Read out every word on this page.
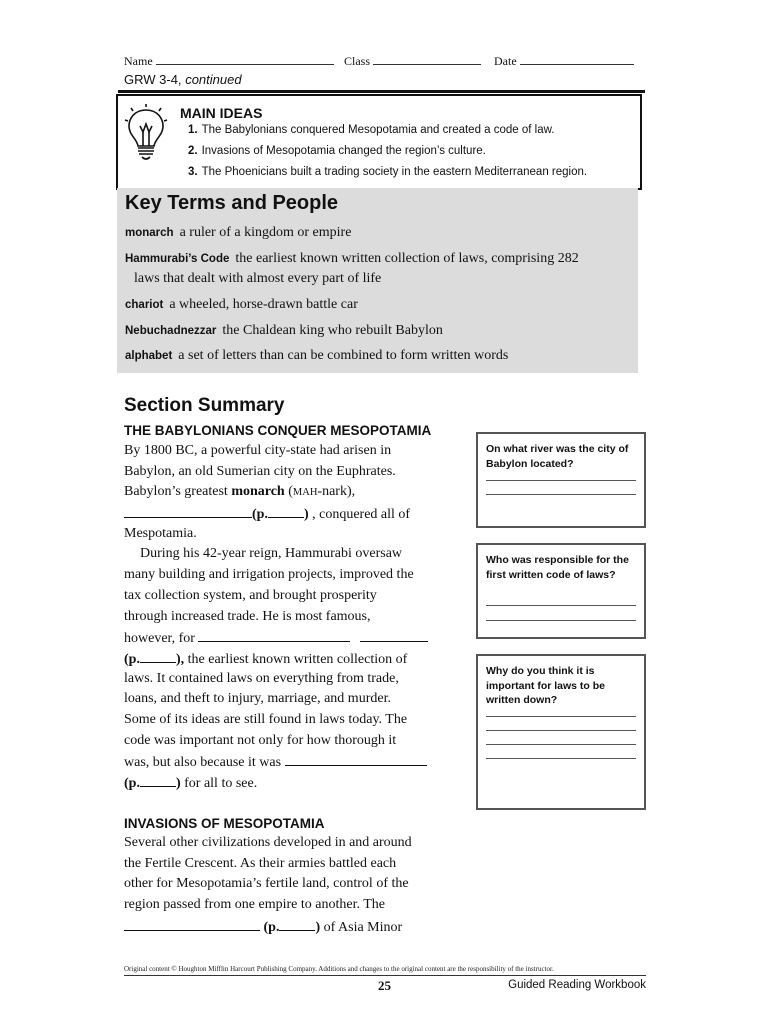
Name	Class	Date
GRW 3-4, continued
MAIN IDEAS
1. The Babylonians conquered Mesopotamia and created a code of law.
2. Invasions of Mesopotamia changed the region’s culture.
3. The Phoenicians built a trading society in the eastern Mediterranean region.
Key Terms and People
monarch a ruler of a kingdom or empire
Hammurabi’s Code the earliest known written collection of laws, comprising 282
laws that dealt with almost every part of life
chariot a wheeled, horse-drawn battle car
Nebuchadnezzar the Chaldean king who rebuilt Babylon
alphabet a set of letters than can be combined to form written words
Section Summary
THE BABYLONIANS CONQUER MESOPOTAMIA
By 1800 BC, a powerful city-state had arisen in
Babylon, an old Sumerian city on the Euphrates.
Babylon’s greatest monarch (MAH-nark),
(p.	) , conquered all of
Mespotamia.
During his 42-year reign, Hammurabi oversaw
many building and irrigation projects, improved the
tax collection system, and brought prosperity
through increased trade. He is most famous,
however, for
(p.	), the earliest known written collection of
laws. It contained laws on everything from trade,
loans, and theft to injury, marriage, and murder.
Some of its ideas are still found in laws today. The
code was important not only for how thorough it
was, but also because it was
(p.	) for all to see.
INVASIONS OF MESOPOTAMIA
Several other civilizations developed in and around
the Fertile Crescent. As their armies battled each
other for Mesopotamia’s fertile land, control of the
region passed from one empire to another. The
(p.	) of Asia Minor
On what river was the city of Babylon located?
Who was responsible for the first written code of laws?
Why do you think it is important for laws to be written down?
Original content © Houghton Mifflin Harcourt Publishing Company. Additions and changes to the original content are the responsibility of the instructor.
25	Guided Reading Workbook
